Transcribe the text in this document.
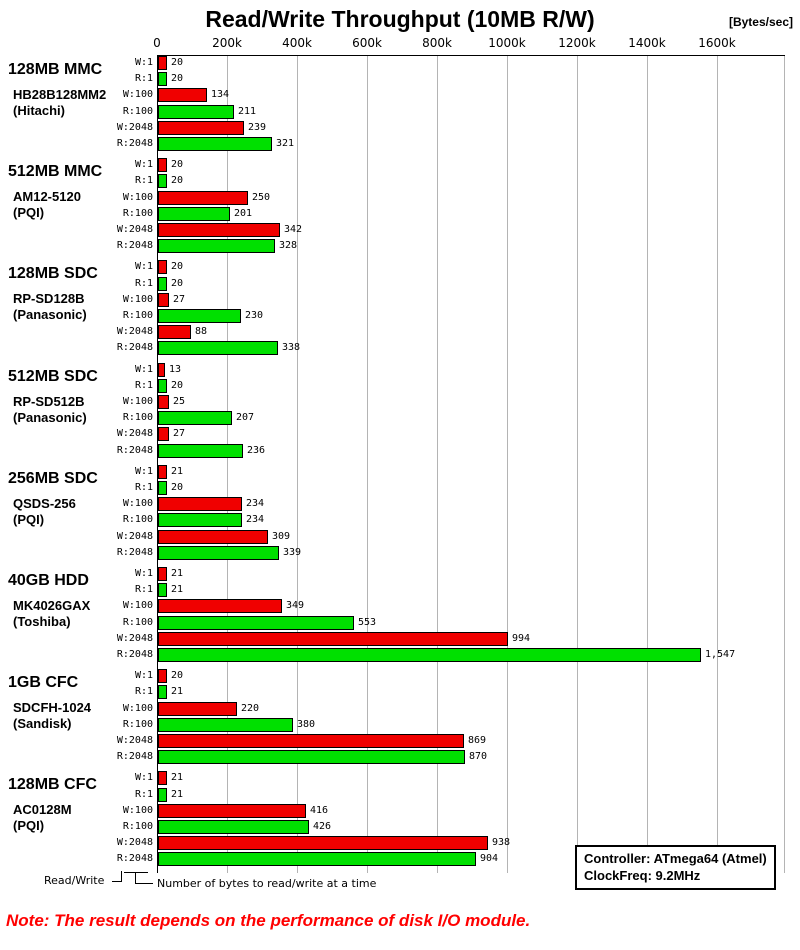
Read/Write Throughput (10MB R/W)	[Bytes/sec]
0	200k	400k	600k	800k	1000k	1200k	1400k	1600k
128MB MMC
HB28B128MM2
(Hitachi)
W:1 20
R:1 20
W:100	134
R:100	211
W:2048	239
R:2048	321
512MB MMC
AM12-5120
(PQI)
W:1 20
R:1 20
W:100	250
R:100	201
W:2048	342
R:2048	328
128MB SDC
RP-SD128B
(Panasonic)
W:1 20
R:1 20
W:100 27
R:100	230
W:2048	88
R:2048	338
512MB SDC
RP-SD512B
(Panasonic)
W:1 13
R:1 20
W:100 25
R:100	207
W:2048 27
R:2048	236
256MB SDC
QSDS-256
(PQI)
W:1 21
R:1 20
W:100	234
R:100	234
W:2048	309
R:2048	339
40GB HDD
MK4026GAX
(Toshiba)
W:1 21
R:1 21
W:100	349
R:100	553
W:2048	994
R:2048	1,547
1GB CFC
SDCFH-1024
(Sandisk)
W:1 20
R:1 21
W:100	220
R:100	380
W:2048	869
R:2048	870
128MB CFC
AC0128M
(PQI)
W:1 21
R:1 21
W:100	416
R:100	426
W:2048	938
R:2048	904
Read/Write	Number of bytes to read/write at a time
Controller: ATmega64 (Atmel)
ClockFreq: 9.2MHz
Note: The result depends on the performance of disk I/O module.
